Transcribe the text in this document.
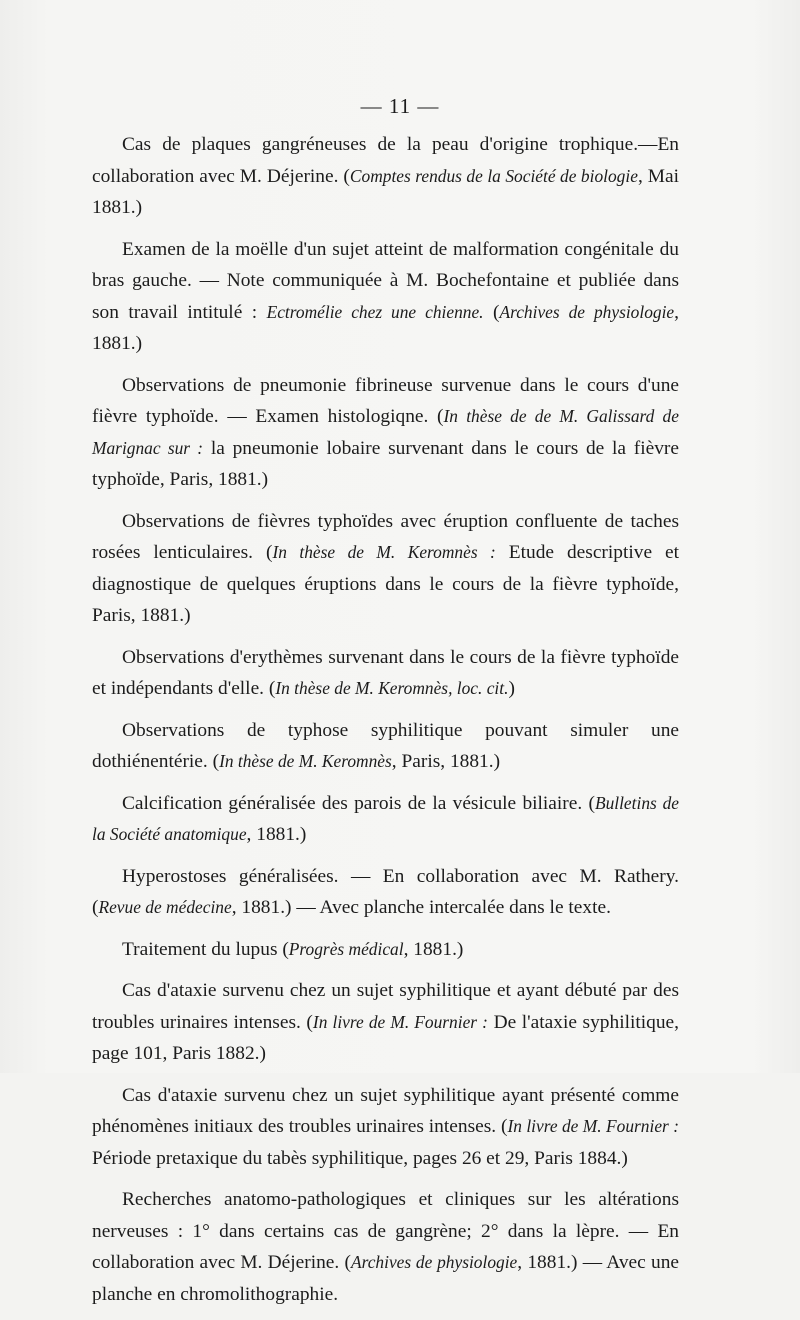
— 11 —

Cas de plaques gangréneuses de la peau d'origine trophique.—En collaboration avec M. Déjerine. (Comptes rendus de la Société de biologie, Mai 1881.)

Examen de la moëlle d'un sujet atteint de malformation congénitale du bras gauche. — Note communiquée à M. Bochefontaine et publiée dans son travail intitulé : Ectromélie chez une chienne. (Archives de physiologie, 1881.)

Observations de pneumonie fibrineuse survenue dans le cours d'une fièvre typhoïde. — Examen histologiqne. (In thèse de de M. Galissard de Marignac sur : la pneumonie lobaire survenant dans le cours de la fièvre typhoïde, Paris, 1881.)

Observations de fièvres typhoïdes avec éruption confluente de taches rosées lenticulaires. (In thèse de M. Keromnès : Etude descriptive et diagnostique de quelques éruptions dans le cours de la fièvre typhoïde, Paris, 1881.)

Observations d'erythèmes survenant dans le cours de la fièvre typhoïde et indépendants d'elle. (In thèse de M. Keromnès, loc. cit.)

Observations de typhose syphilitique pouvant simuler une dothiénentérie. (In thèse de M. Keromnès, Paris, 1881.)

Calcification généralisée des parois de la vésicule biliaire. (Bulletins de la Société anatomique, 1881.)

Hyperostoses généralisées. — En collaboration avec M. Rathery. (Revue de médecine, 1881.) — Avec planche intercalée dans le texte.

Traitement du lupus (Progrès médical, 1881.)

Cas d'ataxie survenu chez un sujet syphilitique et ayant débuté par des troubles urinaires intenses. (In livre de M. Fournier : De l'ataxie syphilitique, page 101, Paris 1882.)

Cas d'ataxie survenu chez un sujet syphilitique ayant présenté comme phénomènes initiaux des troubles urinaires intenses. (In livre de M. Fournier : Période pretaxique du tabès syphilitique, pages 26 et 29, Paris 1884.)

Recherches anatomo-pathologiques et cliniques sur les altérations nerveuses : 1° dans certains cas de gangrène; 2° dans la lèpre. — En collaboration avec M. Déjerine. (Archives de physiologie, 1881.) — Avec une planche en chromolithographie.
